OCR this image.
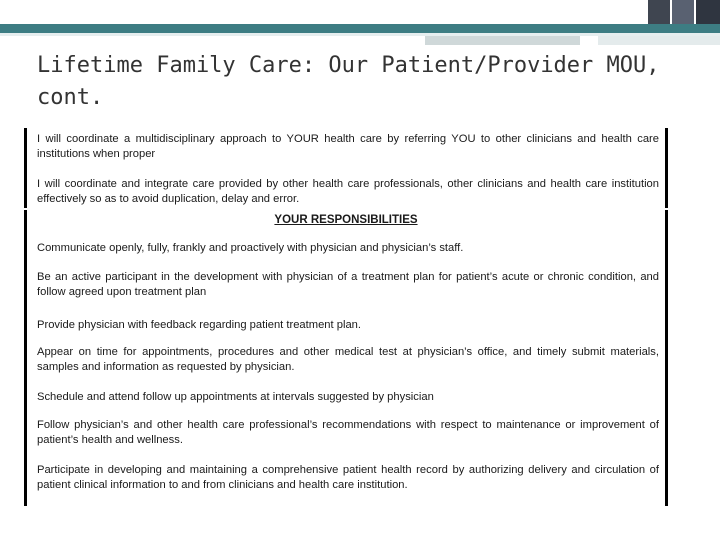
Lifetime Family Care: Our Patient/Provider MOU, cont.

I will coordinate a multidisciplinary approach to YOUR health care by referring YOU to other clinicians and health care institutions when proper

I will coordinate and integrate care provided by other health care professionals, other clinicians and health care institution effectively so as to avoid duplication, delay and error.

YOUR RESPONSIBILITIES

Communicate openly, fully, frankly and proactively with physician and physician’s staff.

Be an active participant in the development with physician of a treatment plan for patient’s acute or chronic condition, and follow agreed upon treatment plan

Provide physician with feedback regarding patient treatment plan.

Appear on time for appointments, procedures and other medical test at physician’s office, and timely submit materials, samples and information as requested by physician.

Schedule and attend follow up appointments at intervals suggested by physician

Follow physician’s and other health care professional’s recommendations with respect to maintenance or improvement of patient’s health and wellness.

Participate in developing and maintaining a comprehensive patient health record by authorizing delivery and circulation of patient clinical information to and from clinicians and health care institution.
